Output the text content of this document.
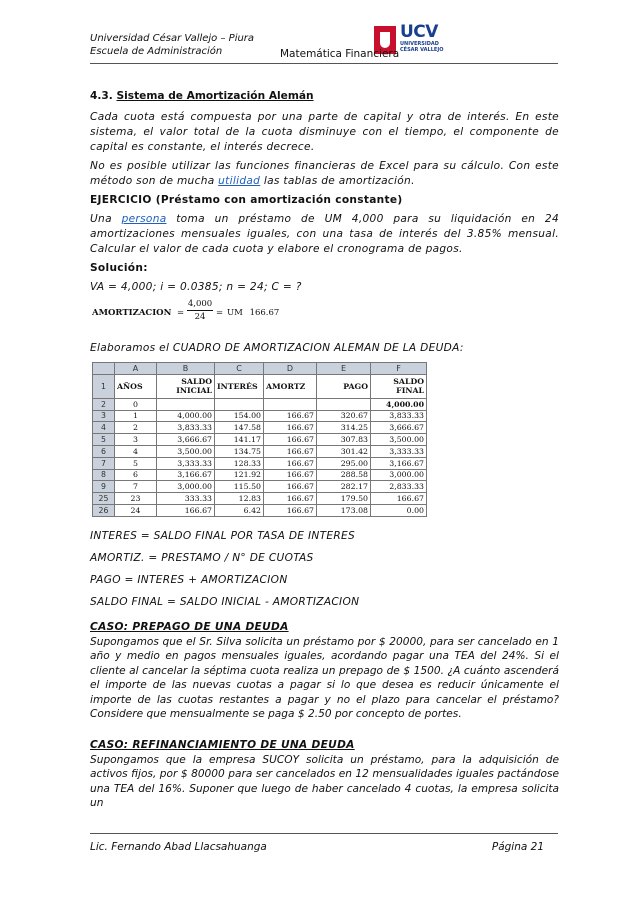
Universidad César Vallejo – Piura
Escuela de Administración
UCV
UNIVERSIDAD
CÉSAR VALLEJO
Matemática Financiera
4.3. Sistema de Amortización Alemán
Cada cuota está compuesta por una parte de capital y otra de interés. En este sistema, el valor total de la cuota disminuye con el tiempo, el componente de capital es constante, el interés decrece.
No es posible utilizar las funciones financieras de Excel para su cálculo. Con este método son de mucha utilidad las tablas de amortización.
EJERCICIO (Préstamo con amortización constante)
Una persona toma un préstamo de UM 4,000 para su liquidación en 24 amortizaciones mensuales iguales, con una tasa de interés del 3.85% mensual. Calcular el valor de cada cuota y elabore el cronograma de pagos.
Solución:
VA = 4,000; i = 0.0385; n = 24; C = ?
AMORTIZACION = $\frac{4,000}{24}$ = UM 166.67
Elaboramos el CUADRO DE AMORTIZACION ALEMAN DE LA DEUDA:
	A	B	C	D	E	F
1	AÑOS	SALDO INICIAL	INTERÉS	AMORTZ	PAGO	SALDO FINAL
2	0					4,000.00
3	1	4,000.00	154.00	166.67	320.67	3,833.33
4	2	3,833.33	147.58	166.67	314.25	3,666.67
5	3	3,666.67	141.17	166.67	307.83	3,500.00
6	4	3,500.00	134.75	166.67	301.42	3,333.33
7	5	3,333.33	128.33	166.67	295.00	3,166.67
8	6	3,166.67	121.92	166.67	288.58	3,000.00
9	7	3,000.00	115.50	166.67	282.17	2,833.33
25	23	333.33	12.83	166.67	179.50	166.67
26	24	166.67	6.42	166.67	173.08	0.00
INTERES = SALDO FINAL POR TASA DE INTERES
AMORTIZ. = PRESTAMO / N° DE CUOTAS
PAGO = INTERES + AMORTIZACION
SALDO FINAL = SALDO INICIAL - AMORTIZACION
CASO: PREPAGO DE UNA DEUDA
Supongamos que el Sr. Silva solicita un préstamo por $ 20000, para ser cancelado en 1 año y medio en pagos mensuales iguales, acordando pagar una TEA del 24%. Si el cliente al cancelar la séptima cuota realiza un prepago de $ 1500. ¿A cuánto ascenderá el importe de las nuevas cuotas a pagar si lo que desea es reducir únicamente el importe de las cuotas restantes a pagar y no el plazo para cancelar el préstamo? Considere que mensualmente se paga $ 2.50 por concepto de portes.
CASO: REFINANCIAMIENTO DE UNA DEUDA
Supongamos que la empresa SUCOY solicita un préstamo, para la adquisición de activos fijos, por $ 80000 para ser cancelados en 12 mensualidades iguales pactándose una TEA del 16%. Suponer que luego de haber cancelado 4 cuotas, la empresa solicita un
Lic. Fernando Abad Llacsahuanga	Página 21
